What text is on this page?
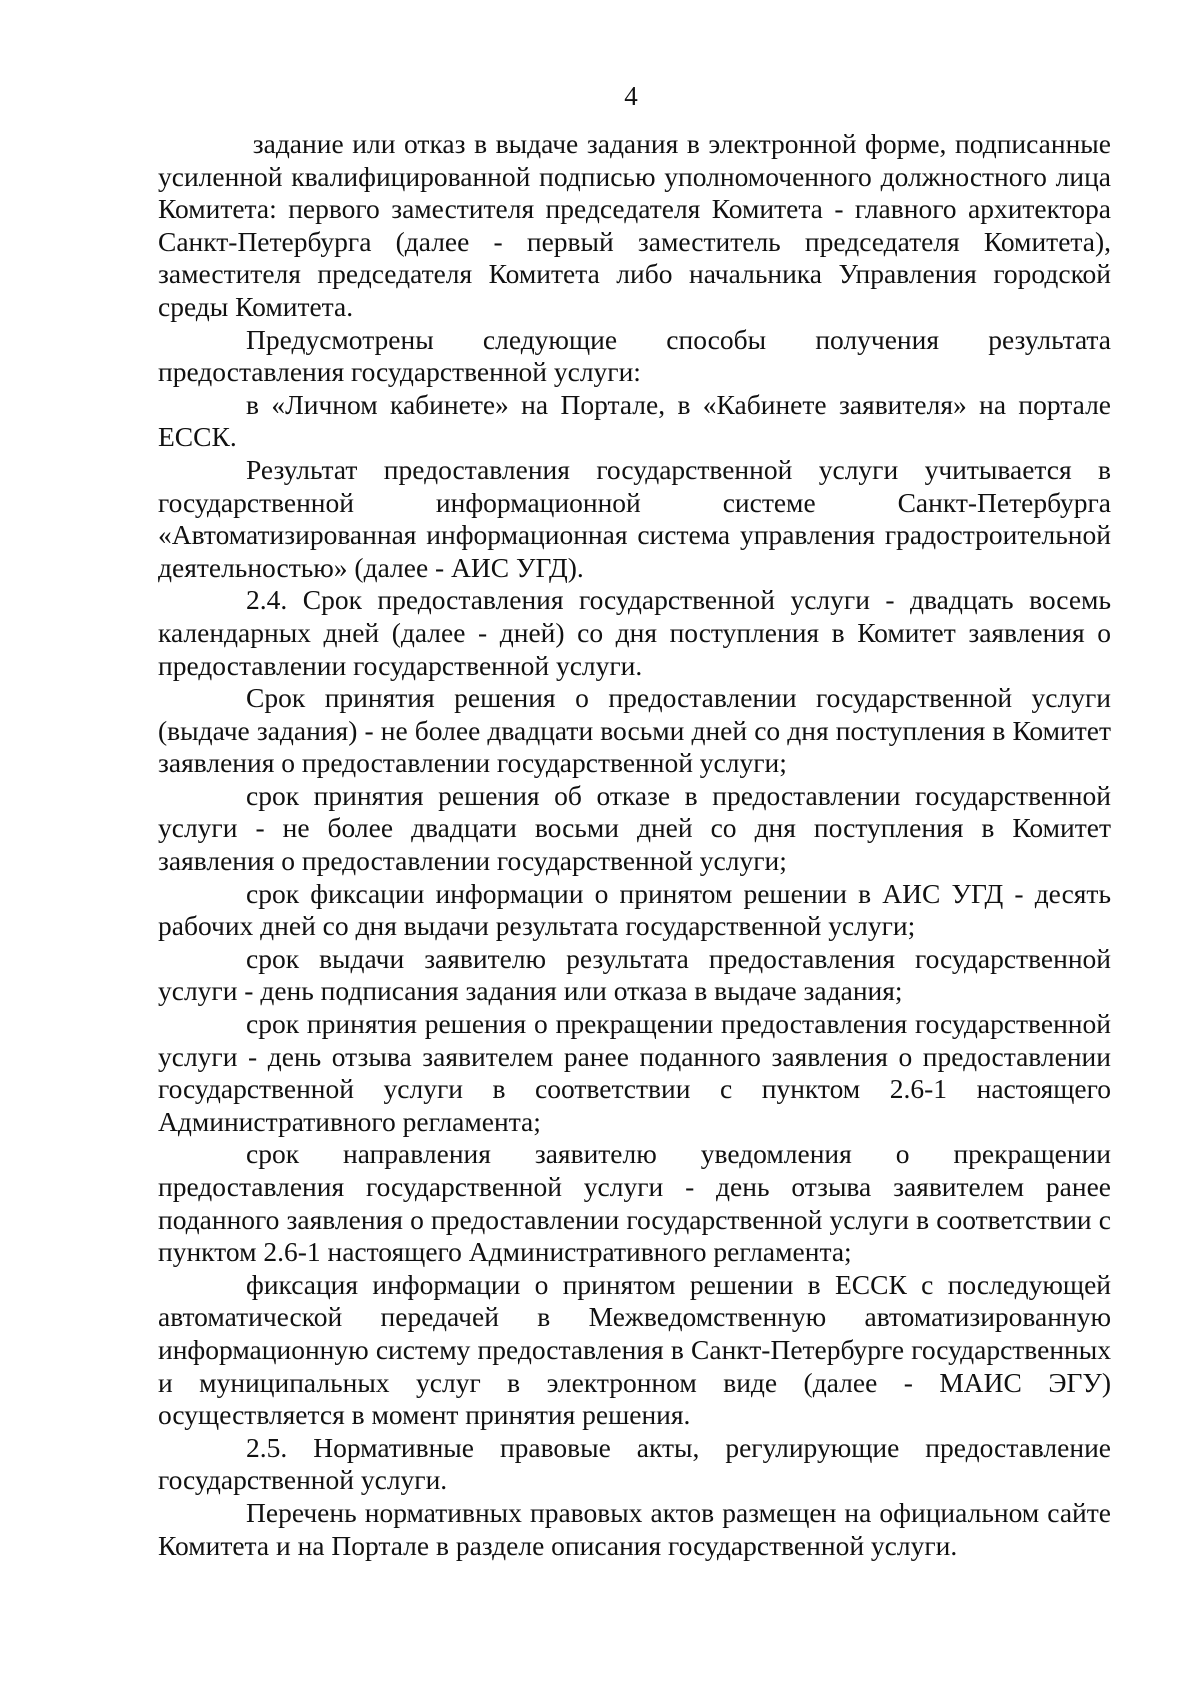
4

задание или отказ в выдаче задания в электронной форме, подписанные усиленной квалифицированной подписью уполномоченного должностного лица Комитета: первого заместителя председателя Комитета - главного архитектора Санкт-Петербурга (далее - первый заместитель председателя Комитета), заместителя председателя Комитета либо начальника Управления городской среды Комитета.

Предусмотрены следующие способы получения результата предоставления государственной услуги:

в «Личном кабинете» на Портале, в «Кабинете заявителя» на портале ЕССК.

Результат предоставления государственной услуги учитывается в государственной информационной системе Санкт-Петербурга «Автоматизированная информационная система управления градостроительной деятельностью» (далее - АИС УГД).

2.4. Срок предоставления государственной услуги - двадцать восемь календарных дней (далее - дней) со дня поступления в Комитет заявления о предоставлении государственной услуги.

Срок принятия решения о предоставлении государственной услуги (выдаче задания) - не более двадцати восьми дней со дня поступления в Комитет заявления о предоставлении государственной услуги;

срок принятия решения об отказе в предоставлении государственной услуги - не более двадцати восьми дней со дня поступления в Комитет заявления о предоставлении государственной услуги;

срок фиксации информации о принятом решении в АИС УГД - десять рабочих дней со дня выдачи результата государственной услуги;

срок выдачи заявителю результата предоставления государственной услуги - день подписания задания или отказа в выдаче задания;

срок принятия решения о прекращении предоставления государственной услуги - день отзыва заявителем ранее поданного заявления о предоставлении государственной услуги в соответствии с пунктом 2.6-1 настоящего Административного регламента;

срок направления заявителю уведомления о прекращении предоставления государственной услуги - день отзыва заявителем ранее поданного заявления о предоставлении государственной услуги в соответствии с пунктом 2.6-1 настоящего Административного регламента;

фиксация информации о принятом решении в ЕССК с последующей автоматической передачей в Межведомственную автоматизированную информационную систему предоставления в Санкт-Петербурге государственных и муниципальных услуг в электронном виде (далее - МАИС ЭГУ) осуществляется в момент принятия решения.

2.5. Нормативные правовые акты, регулирующие предоставление государственной услуги.

Перечень нормативных правовых актов размещен на официальном сайте Комитета и на Портале в разделе описания государственной услуги.
